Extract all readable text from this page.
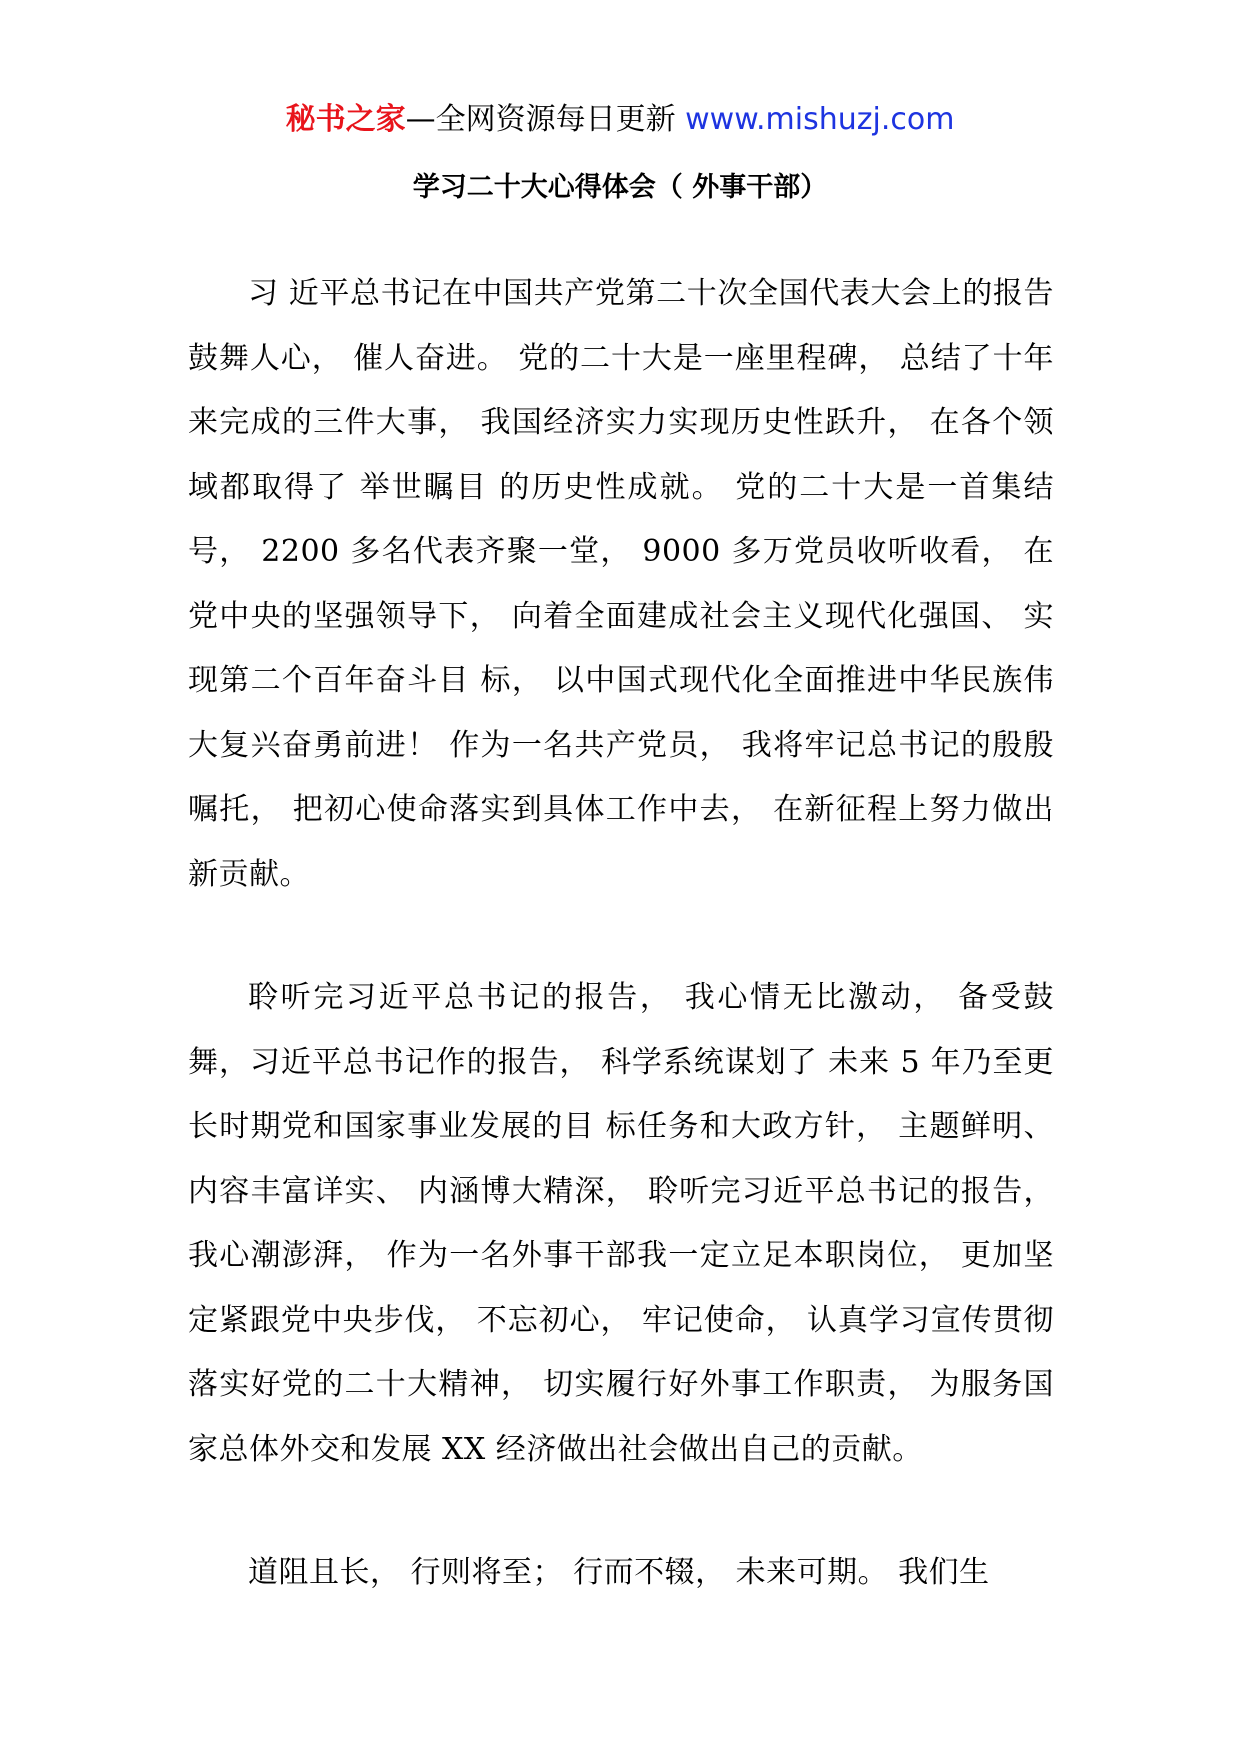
秘书之家—全网资源每日更新 www.mishuzj.com
学习二十大心得体会（ 外事干部）

习 近平总书记在中国共产党第二十次全国代表大会上的报告鼓舞人心， 催人奋进。 党的二十大是一座里程碑， 总结了十年来完成的三件大事， 我国经济实力实现历史性跃升， 在各个领域都取得了 举世瞩目 的历史性成就。 党的二十大是一首集结号， 2200 多名代表齐聚一堂， 9000 多万党员收听收看， 在党中央的坚强领导下， 向着全面建成社会主义现代化强国、 实现第二个百年奋斗目 标， 以中国式现代化全面推进中华民族伟大复兴奋勇前进！ 作为一名共产党员， 我将牢记总书记的殷殷嘱托， 把初心使命落实到具体工作中去， 在新征程上努力做出新贡献。

聆听完习近平总书记的报告， 我心情无比激动， 备受鼓舞，习近平总书记作的报告， 科学系统谋划了 未来 5 年乃至更长时期党和国家事业发展的目 标任务和大政方针， 主题鲜明、 内容丰富详实、 内涵博大精深， 聆听完习近平总书记的报告， 我心潮澎湃， 作为一名外事干部我一定立足本职岗位， 更加坚定紧跟党中央步伐， 不忘初心， 牢记使命， 认真学习宣传贯彻落实好党的二十大精神， 切实履行好外事工作职责， 为服务国家总体外交和发展 XX 经济做出社会做出自己的贡献。

道阻且长， 行则将至； 行而不辍， 未来可期。 我们生
